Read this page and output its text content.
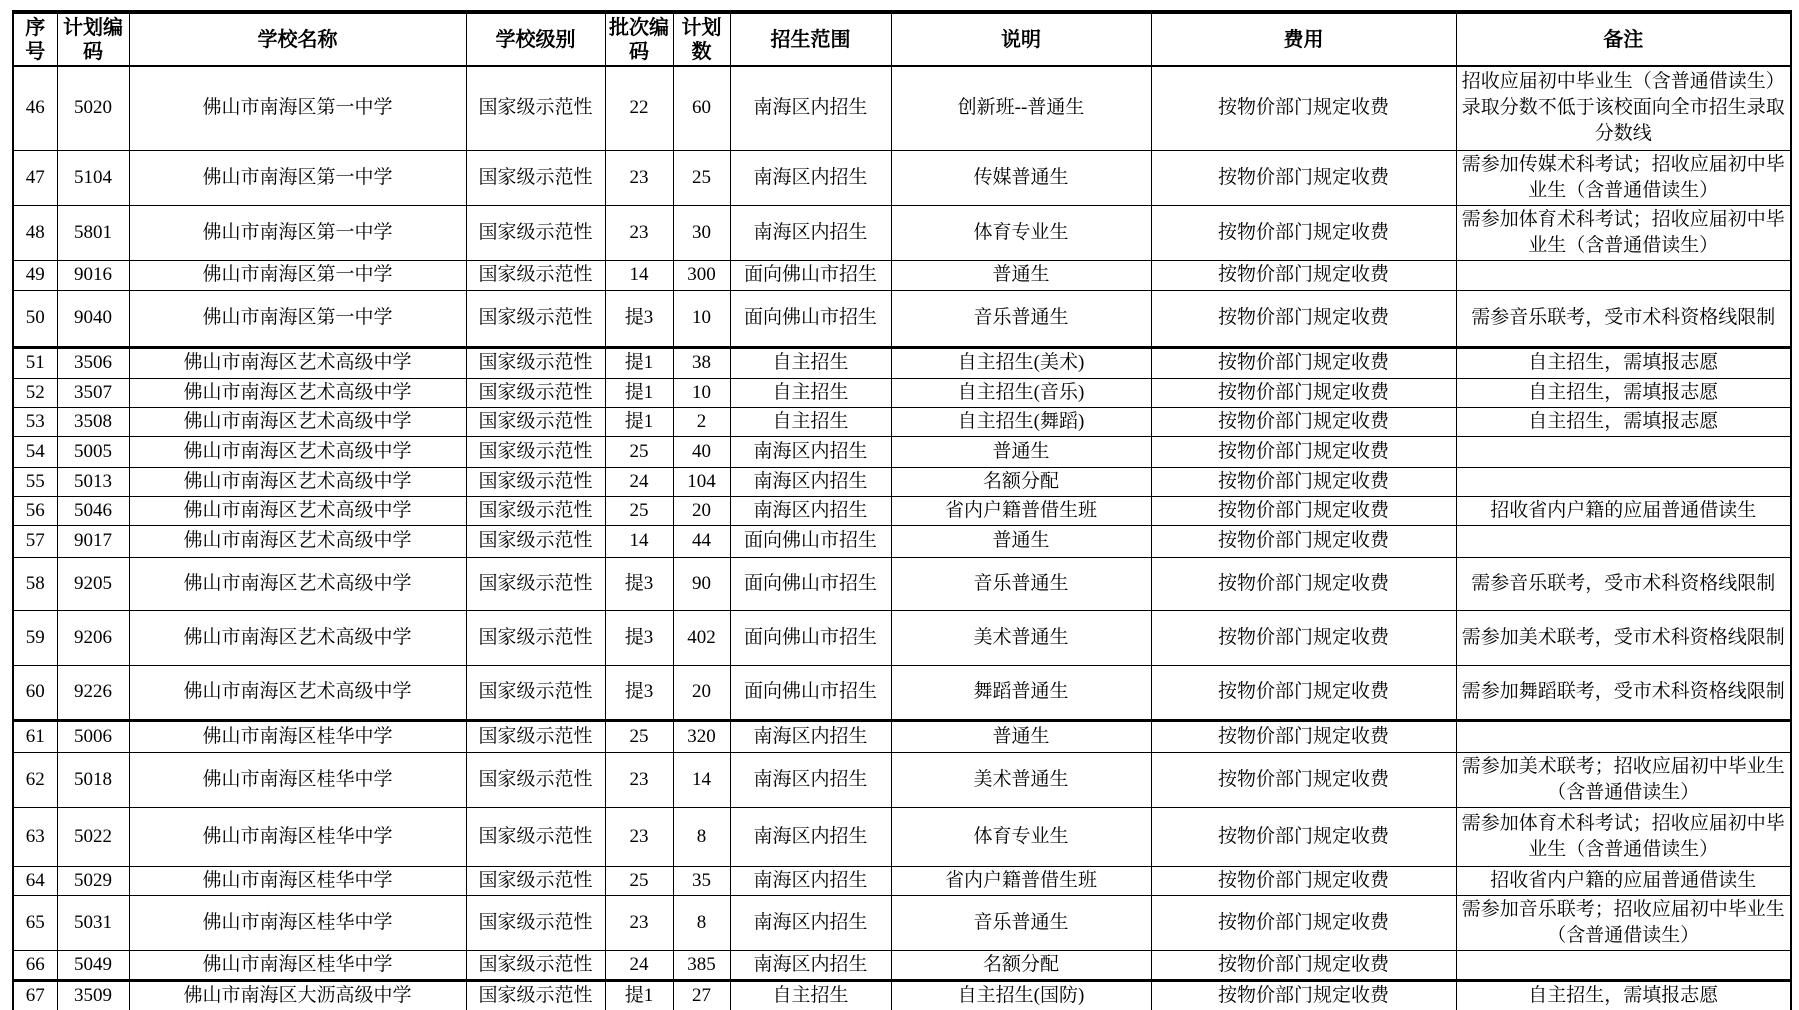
序号	计划编码	学校名称	学校级别	批次编码	计划数	招生范围	说明	费用	备注
46	5020	佛山市南海区第一中学	国家级示范性	22	60	南海区内招生	创新班--普通生	按物价部门规定收费	招收应届初中毕业生（含普通借读生）录取分数不低于该校面向全市招生录取分数线
47	5104	佛山市南海区第一中学	国家级示范性	23	25	南海区内招生	传媒普通生	按物价部门规定收费	需参加传媒术科考试；招收应届初中毕业生（含普通借读生）
48	5801	佛山市南海区第一中学	国家级示范性	23	30	南海区内招生	体育专业生	按物价部门规定收费	需参加体育术科考试；招收应届初中毕业生（含普通借读生）
49	9016	佛山市南海区第一中学	国家级示范性	14	300	面向佛山市招生	普通生	按物价部门规定收费	
50	9040	佛山市南海区第一中学	国家级示范性	提3	10	面向佛山市招生	音乐普通生	按物价部门规定收费	需参音乐联考，受市术科资格线限制
51	3506	佛山市南海区艺术高级中学	国家级示范性	提1	38	自主招生	自主招生(美术)	按物价部门规定收费	自主招生，需填报志愿
52	3507	佛山市南海区艺术高级中学	国家级示范性	提1	10	自主招生	自主招生(音乐)	按物价部门规定收费	自主招生，需填报志愿
53	3508	佛山市南海区艺术高级中学	国家级示范性	提1	2	自主招生	自主招生(舞蹈)	按物价部门规定收费	自主招生，需填报志愿
54	5005	佛山市南海区艺术高级中学	国家级示范性	25	40	南海区内招生	普通生	按物价部门规定收费	
55	5013	佛山市南海区艺术高级中学	国家级示范性	24	104	南海区内招生	名额分配	按物价部门规定收费	
56	5046	佛山市南海区艺术高级中学	国家级示范性	25	20	南海区内招生	省内户籍普借生班	按物价部门规定收费	招收省内户籍的应届普通借读生
57	9017	佛山市南海区艺术高级中学	国家级示范性	14	44	面向佛山市招生	普通生	按物价部门规定收费	
58	9205	佛山市南海区艺术高级中学	国家级示范性	提3	90	面向佛山市招生	音乐普通生	按物价部门规定收费	需参音乐联考，受市术科资格线限制
59	9206	佛山市南海区艺术高级中学	国家级示范性	提3	402	面向佛山市招生	美术普通生	按物价部门规定收费	需参加美术联考，受市术科资格线限制
60	9226	佛山市南海区艺术高级中学	国家级示范性	提3	20	面向佛山市招生	舞蹈普通生	按物价部门规定收费	需参加舞蹈联考，受市术科资格线限制
61	5006	佛山市南海区桂华中学	国家级示范性	25	320	南海区内招生	普通生	按物价部门规定收费	
62	5018	佛山市南海区桂华中学	国家级示范性	23	14	南海区内招生	美术普通生	按物价部门规定收费	需参加美术联考；招收应届初中毕业生（含普通借读生）
63	5022	佛山市南海区桂华中学	国家级示范性	23	8	南海区内招生	体育专业生	按物价部门规定收费	需参加体育术科考试；招收应届初中毕业生（含普通借读生）
64	5029	佛山市南海区桂华中学	国家级示范性	25	35	南海区内招生	省内户籍普借生班	按物价部门规定收费	招收省内户籍的应届普通借读生
65	5031	佛山市南海区桂华中学	国家级示范性	23	8	南海区内招生	音乐普通生	按物价部门规定收费	需参加音乐联考；招收应届初中毕业生（含普通借读生）
66	5049	佛山市南海区桂华中学	国家级示范性	24	385	南海区内招生	名额分配	按物价部门规定收费	
67	3509	佛山市南海区大沥高级中学	国家级示范性	提1	27	自主招生	自主招生(国防)	按物价部门规定收费	自主招生，需填报志愿
